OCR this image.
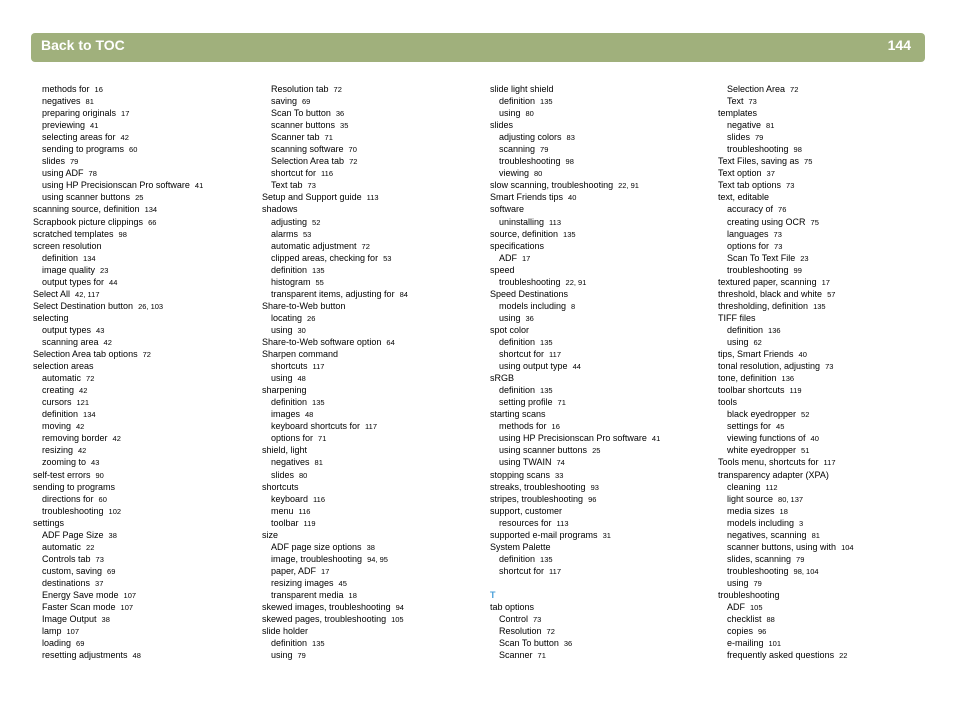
Back to TOC	144
methods for 16
negatives 81
preparing originals 17
previewing 41
selecting areas for 42
sending to programs 60
slides 79
using ADF 78
using HP Precisionscan Pro software 41
using scanner buttons 25
scanning source, definition 134
Scrapbook picture clippings 66
scratched templates 98
screen resolution
definition 134
image quality 23
output types for 44
Select All 42, 117
Select Destination button 26, 103
selecting
output types 43
scanning area 42
Selection Area tab options 72
selection areas
automatic 72
creating 42
cursors 121
definition 134
moving 42
removing border 42
resizing 42
zooming to 43
self-test errors 90
sending to programs
directions for 60
troubleshooting 102
settings
ADF Page Size 38
automatic 22
Controls tab 73
custom, saving 69
destinations 37
Energy Save mode 107
Faster Scan mode 107
Image Output 38
lamp 107
loading 69
resetting adjustments 48
Resolution tab 72
saving 69
Scan To button 36
scanner buttons 35
Scanner tab 71
scanning software 70
Selection Area tab 72
shortcut for 116
Text tab 73
Setup and Support guide 113
shadows
adjusting 52
alarms 53
automatic adjustment 72
clipped areas, checking for 53
definition 135
histogram 55
transparent items, adjusting for 84
Share-to-Web button
locating 26
using 30
Share-to-Web software option 64
Sharpen command
shortcuts 117
using 48
sharpening
definition 135
images 48
keyboard shortcuts for 117
options for 71
shield, light
negatives 81
slides 80
shortcuts
keyboard 116
menu 116
toolbar 119
size
ADF page size options 38
image, troubleshooting 94, 95
paper, ADF 17
resizing images 45
transparent media 18
skewed images, troubleshooting 94
skewed pages, troubleshooting 105
slide holder
definition 135
using 79
slide light shield
definition 135
using 80
slides
adjusting colors 83
scanning 79
troubleshooting 98
viewing 80
slow scanning, troubleshooting 22, 91
Smart Friends tips 40
software
uninstalling 113
source, definition 135
specifications
ADF 17
speed
troubleshooting 22, 91
Speed Destinations
models including 8
using 36
spot color
definition 135
shortcut for 117
using output type 44
sRGB
definition 135
setting profile 71
starting scans
methods for 16
using HP Precisionscan Pro software 41
using scanner buttons 25
using TWAIN 74
stopping scans 33
streaks, troubleshooting 93
stripes, troubleshooting 96
support, customer
resources for 113
supported e-mail programs 31
System Palette
definition 135
shortcut for 117
T
tab options
Control 73
Resolution 72
Scan To button 36
Scanner 71
Selection Area 72
Text 73
templates
negative 81
slides 79
troubleshooting 98
Text Files, saving as 75
Text option 37
Text tab options 73
text, editable
accuracy of 76
creating using OCR 75
languages 73
options for 73
Scan To Text File 23
troubleshooting 99
textured paper, scanning 17
threshold, black and white 57
thresholding, definition 135
TIFF files
definition 136
using 62
tips, Smart Friends 40
tonal resolution, adjusting 73
tone, definition 136
toolbar shortcuts 119
tools
black eyedropper 52
settings for 45
viewing functions of 40
white eyedropper 51
Tools menu, shortcuts for 117
transparency adapter (XPA)
cleaning 112
light source 80, 137
media sizes 18
models including 3
negatives, scanning 81
scanner buttons, using with 104
slides, scanning 79
troubleshooting 98, 104
using 79
troubleshooting
ADF 105
checklist 88
copies 96
e-mailing 101
frequently asked questions 22
